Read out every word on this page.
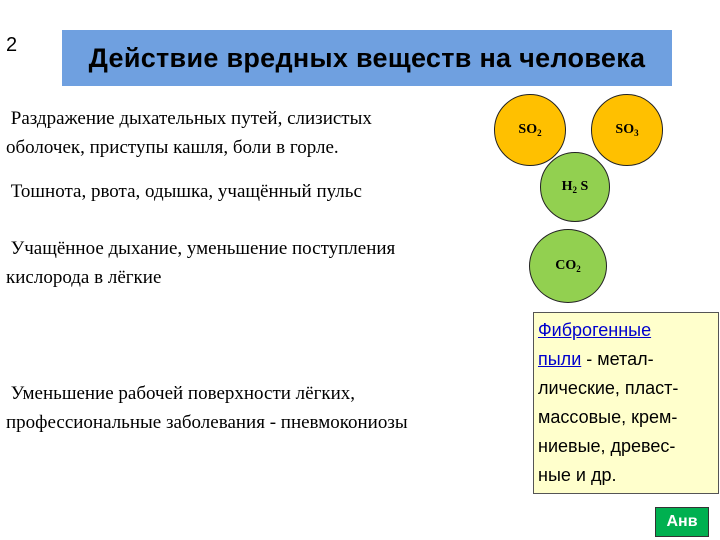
2	Действие вредных веществ на человека
Раздражение дыхательных путей, слизистых
оболочек, приступы кашля, боли в горле.
Тошнота, рвота, одышка, учащённый пульс
Учащённое дыхание, уменьшение поступления
кислорода в лёгкие
Уменьшение рабочей поверхности лёгких,
профессиональные заболевания - пневмокониозы
$SO_2$	$SO_3$
$H_2$ S
$CO_2$
Фиброгенные
пыли - метал-
лические, пласт-
массовые, крем-
ниевые, древес-
ные и др.
Анв
